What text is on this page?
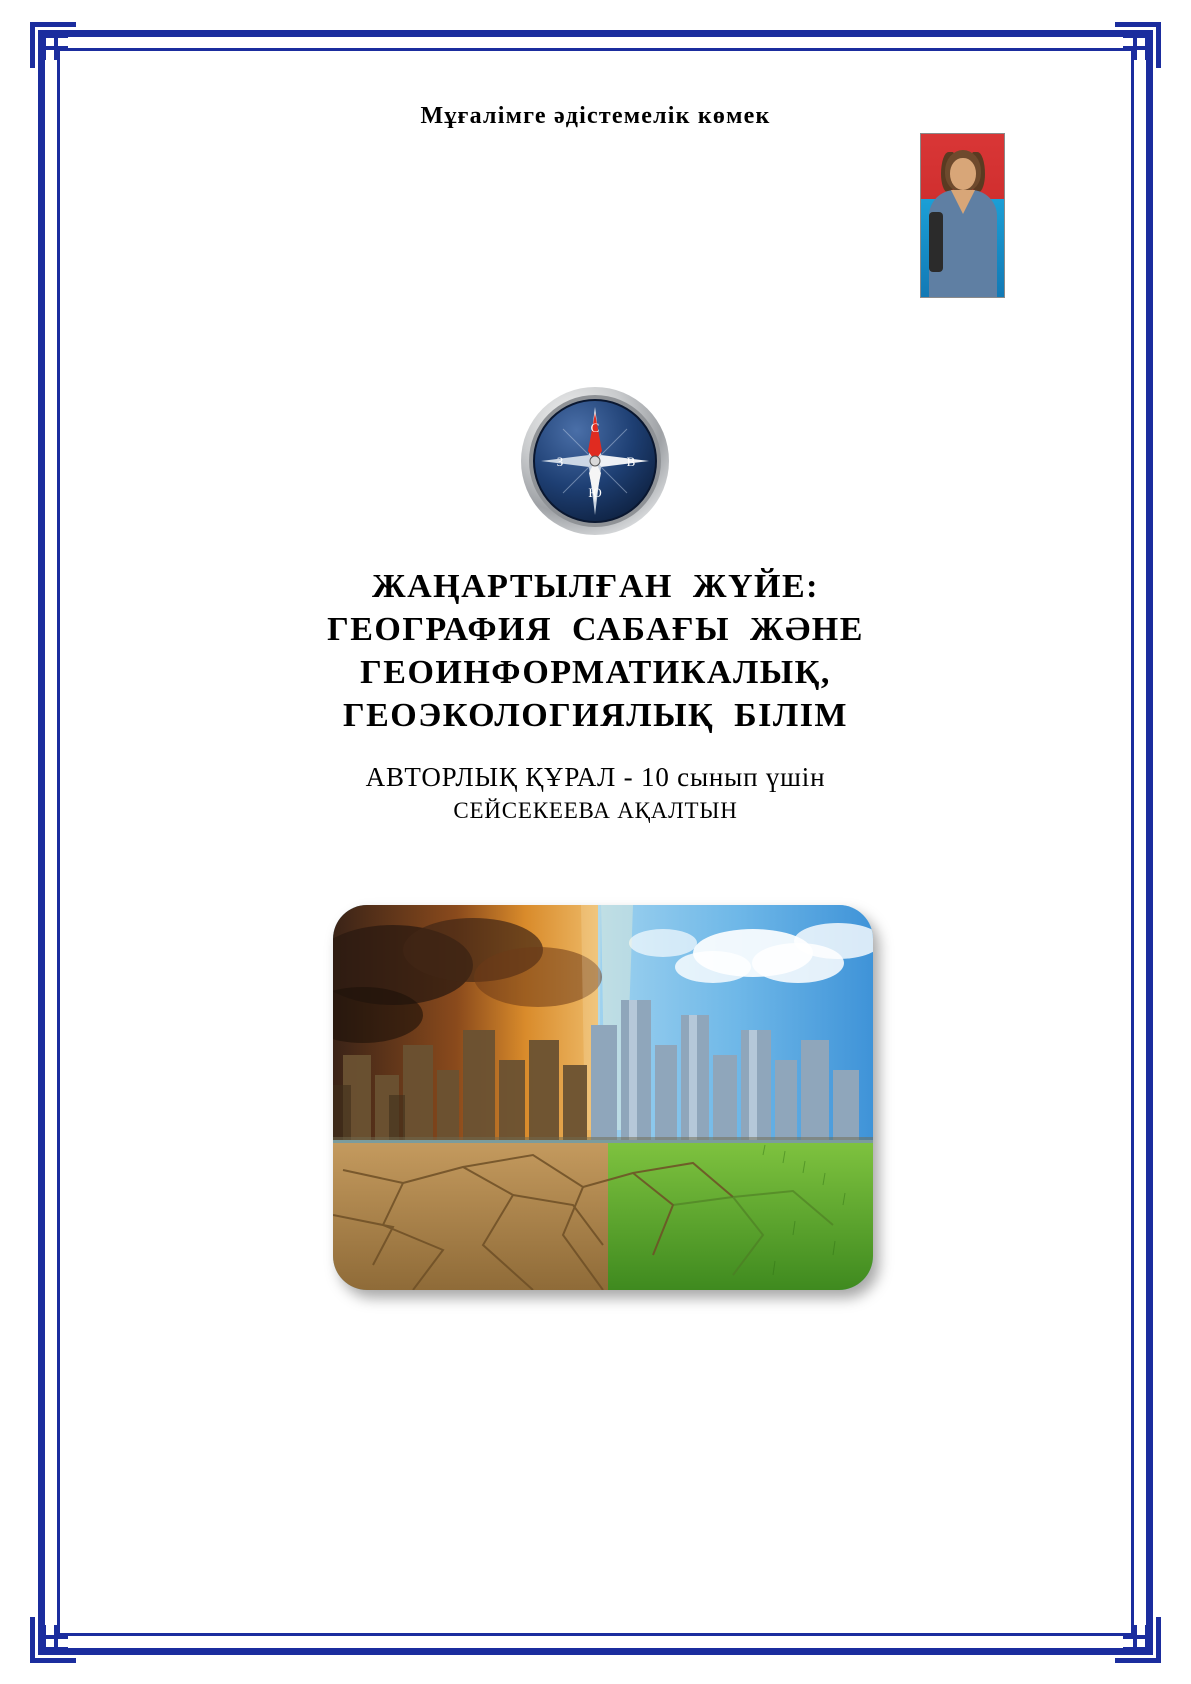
Мұғалімге әдістемелік көмек
С
Ю
В
З
ЖАҢАРТЫЛҒАН  ЖҮЙЕ:
ГЕОГРАФИЯ  САБАҒЫ  ЖӘНЕ
ГЕОИНФОРМАТИКАЛЫҚ,
ГЕОЭКОЛОГИЯЛЫҚ  БІЛІМ
АВТОРЛЫҚ ҚҰРАЛ - 10 сынып үшін
СЕЙСЕКЕЕВА АҚАЛТЫН
